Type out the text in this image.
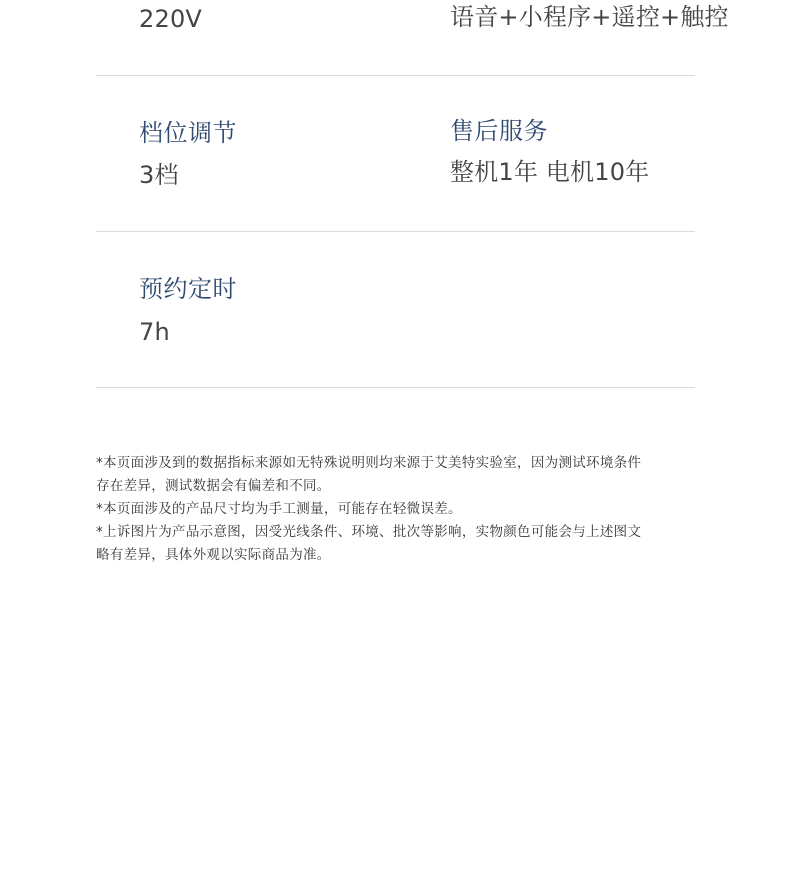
220V	语音+小程序+遥控+触控
档位调节
3档
售后服务
整机1年 电机10年
预约定时
7h
*本页面涉及到的数据指标来源如无特殊说明则均来源于艾美特实验室，因为测试环境条件
存在差异，测试数据会有偏差和不同。
*本页面涉及的产品尺寸均为手工测量，可能存在轻微误差。
*上诉图片为产品示意图，因受光线条件、环境、批次等影响，实物颜色可能会与上述图文
略有差异，具体外观以实际商品为准。
